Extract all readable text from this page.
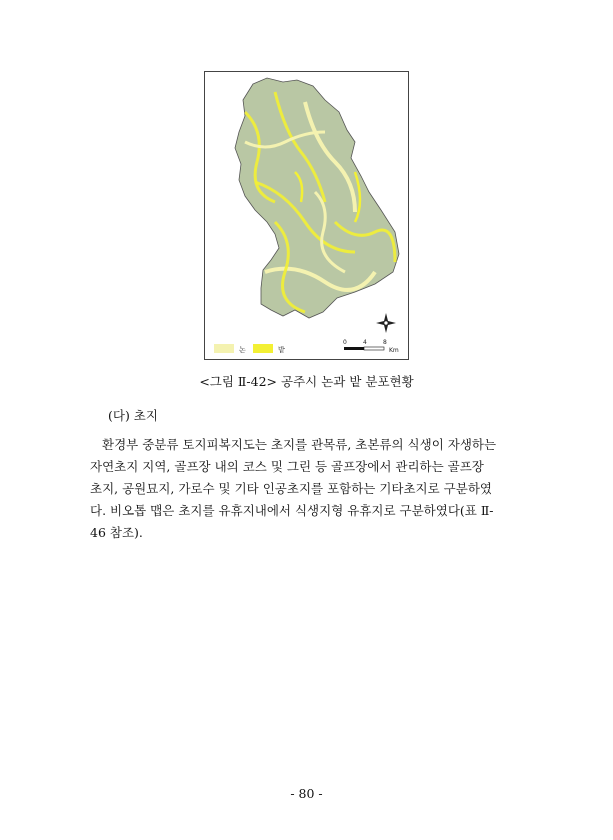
논	밭
0	4	8
Km
<그림 Ⅱ-42> 공주시 논과 밭 분포현황
(다) 초지

환경부 중분류 토지피복지도는 초지를 관목류, 초본류의 식생이 자생하는
자연초지 지역, 골프장 내의 코스 및 그린 등 골프장에서 관리하는 골프장
초지, 공원묘지, 가로수 및 기타 인공초지를 포함하는 기타초지로 구분하였
다. 비오톱 맵은 초지를 유휴지내에서 식생지형 유휴지로 구분하였다(표 Ⅱ-
46 참조).

- 80 -
